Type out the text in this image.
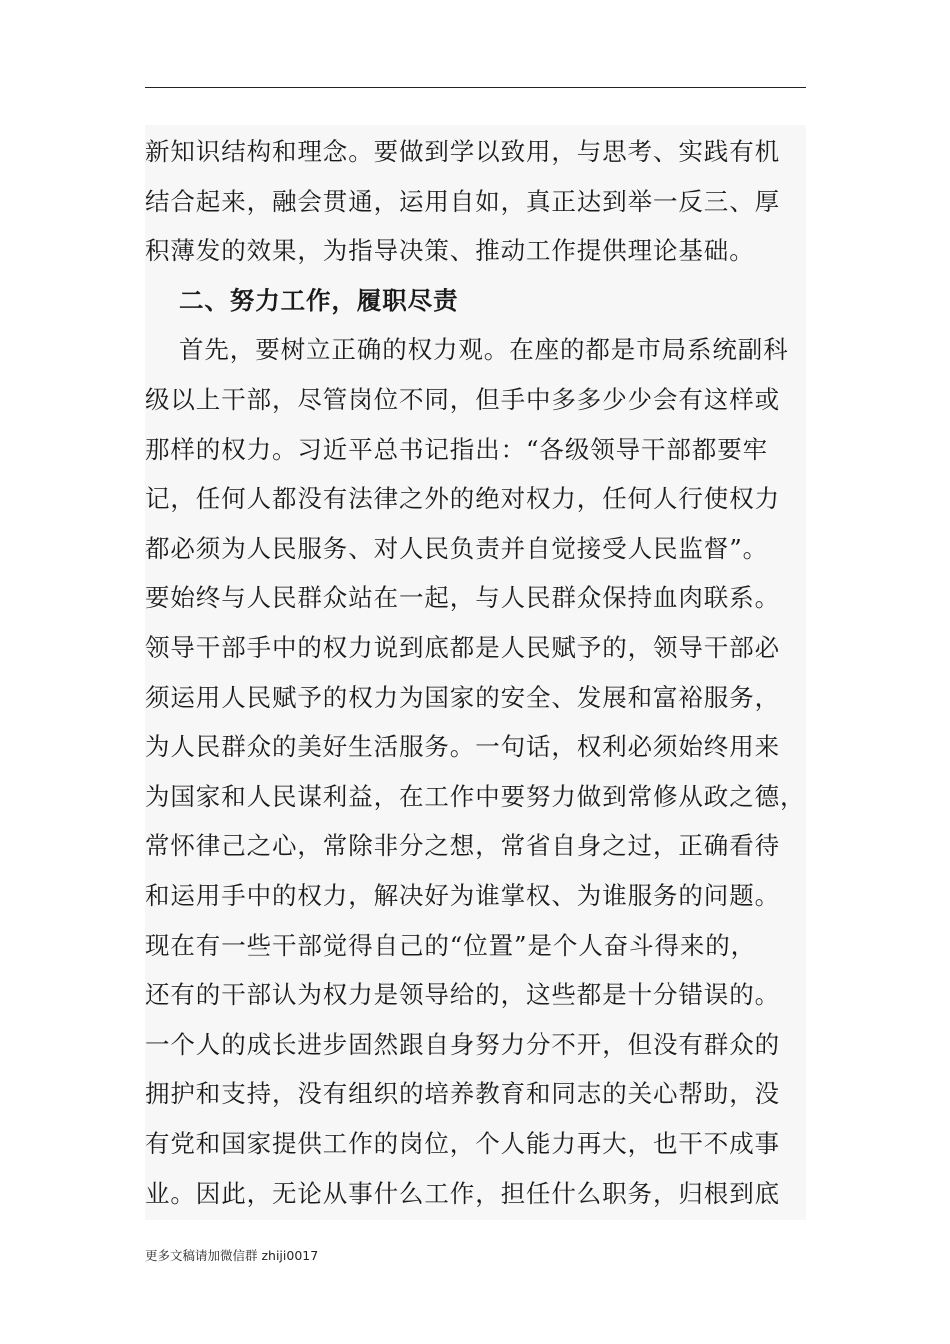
新知识结构和理念。要做到学以致用，与思考、实践有机
结合起来，融会贯通，运用自如，真正达到举一反三、厚
积薄发的效果，为指导决策、推动工作提供理论基础。
二、努力工作，履职尽责
首先，要树立正确的权力观。在座的都是市局系统副科
级以上干部，尽管岗位不同，但手中多多少少会有这样或
那样的权力。习近平总书记指出：“各级领导干部都要牢
记，任何人都没有法律之外的绝对权力，任何人行使权力
都必须为人民服务、对人民负责并自觉接受人民监督”。
要始终与人民群众站在一起，与人民群众保持血肉联系。
领导干部手中的权力说到底都是人民赋予的，领导干部必
须运用人民赋予的权力为国家的安全、发展和富裕服务，
为人民群众的美好生活服务。一句话，权利必须始终用来
为国家和人民谋利益，在工作中要努力做到常修从政之德，
常怀律己之心，常除非分之想，常省自身之过，正确看待
和运用手中的权力，解决好为谁掌权、为谁服务的问题。
现在有一些干部觉得自己的“位置”是个人奋斗得来的，
还有的干部认为权力是领导给的，这些都是十分错误的。
一个人的成长进步固然跟自身努力分不开，但没有群众的
拥护和支持，没有组织的培养教育和同志的关心帮助，没
有党和国家提供工作的岗位，个人能力再大，也干不成事
业。因此，无论从事什么工作，担任什么职务，归根到底
更多文稿请加微信群 zhiji0017
